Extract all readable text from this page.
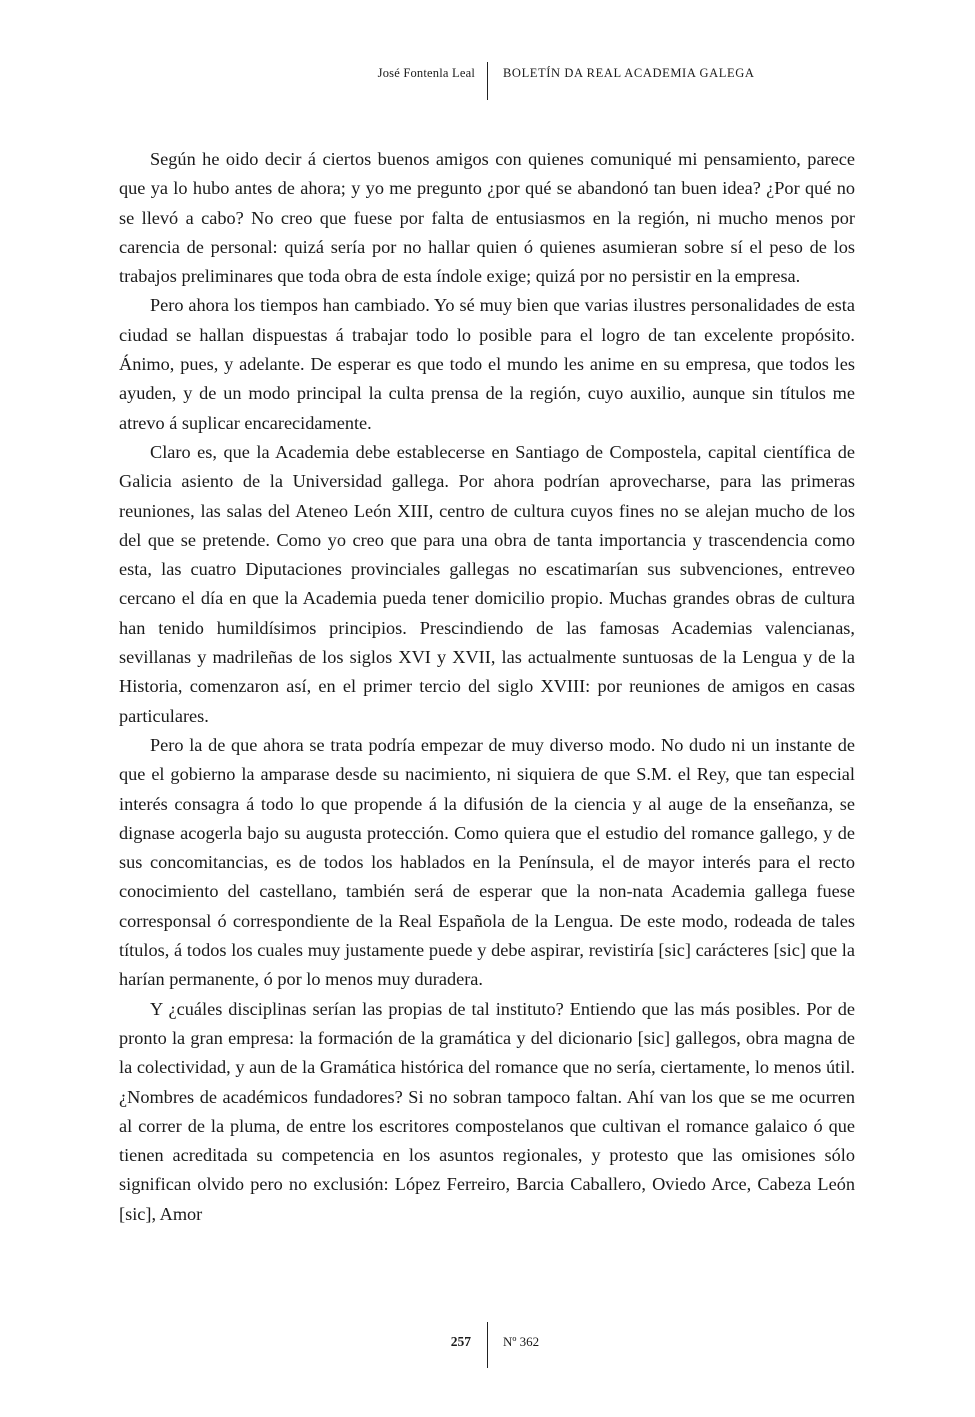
José Fontenla Leal BOLETÍN DA REAL ACADEMIA GALEGA

Según he oido decir á ciertos buenos amigos con quienes comuniqué mi pensamiento, parece que ya lo hubo antes de ahora; y yo me pregunto ¿por qué se abandonó tan buen idea? ¿Por qué no se llevó a cabo? No creo que fuese por falta de entusiasmos en la región, ni mucho menos por carencia de personal: quizá sería por no hallar quien ó quienes asumieran sobre sí el peso de los trabajos preliminares que toda obra de esta índole exige; quizá por no persistir en la empresa.

Pero ahora los tiempos han cambiado. Yo sé muy bien que varias ilustres personalidades de esta ciudad se hallan dispuestas á trabajar todo lo posible para el logro de tan excelente propósito. Ánimo, pues, y adelante. De esperar es que todo el mundo les anime en su empresa, que todos les ayuden, y de un modo principal la culta prensa de la región, cuyo auxilio, aunque sin títulos me atrevo á suplicar encarecidamente.

Claro es, que la Academia debe establecerse en Santiago de Compostela, capital científica de Galicia asiento de la Universidad gallega. Por ahora podrían aprovecharse, para las primeras reuniones, las salas del Ateneo León XIII, centro de cultura cuyos fines no se alejan mucho de los del que se pretende. Como yo creo que para una obra de tanta importancia y trascendencia como esta, las cuatro Diputaciones provinciales gallegas no escatimarían sus subvenciones, entreveo cercano el día en que la Academia pueda tener domicilio propio. Muchas grandes obras de cultura han tenido humildísimos principios. Prescindiendo de las famosas Academias valencianas, sevillanas y madrileñas de los siglos XVI y XVII, las actualmente suntuosas de la Lengua y de la Historia, comenzaron así, en el primer tercio del siglo XVIII: por reuniones de amigos en casas particulares.

Pero la de que ahora se trata podría empezar de muy diverso modo. No dudo ni un instante de que el gobierno la amparase desde su nacimiento, ni siquiera de que S.M. el Rey, que tan especial interés consagra á todo lo que propende á la difusión de la ciencia y al auge de la enseñanza, se dignase acogerla bajo su augusta protección. Como quiera que el estudio del romance gallego, y de sus concomitancias, es de todos los hablados en la Península, el de mayor interés para el recto conocimiento del castellano, también será de esperar que la non-nata Academia gallega fuese corresponsal ó correspondiente de la Real Española de la Lengua. De este modo, rodeada de tales títulos, á todos los cuales muy justamente puede y debe aspirar, revistiría [sic] carácteres [sic] que la harían permanente, ó por lo menos muy duradera.

Y ¿cuáles disciplinas serían las propias de tal instituto? Entiendo que las más posibles. Por de pronto la gran empresa: la formación de la gramática y del dicionario [sic] gallegos, obra magna de la colectividad, y aun de la Gramática histórica del romance que no sería, ciertamente, lo menos útil. ¿Nombres de académicos fundadores? Si no sobran tampoco faltan. Ahí van los que se me ocurren al correr de la pluma, de entre los escritores compostelanos que cultivan el romance galaico ó que tienen acreditada su competencia en los asuntos regionales, y protesto que las omisiones sólo significan olvido pero no exclusión: López Ferreiro, Barcia Caballero, Oviedo Arce, Cabeza León [sic], Amor

257 Nº 362
